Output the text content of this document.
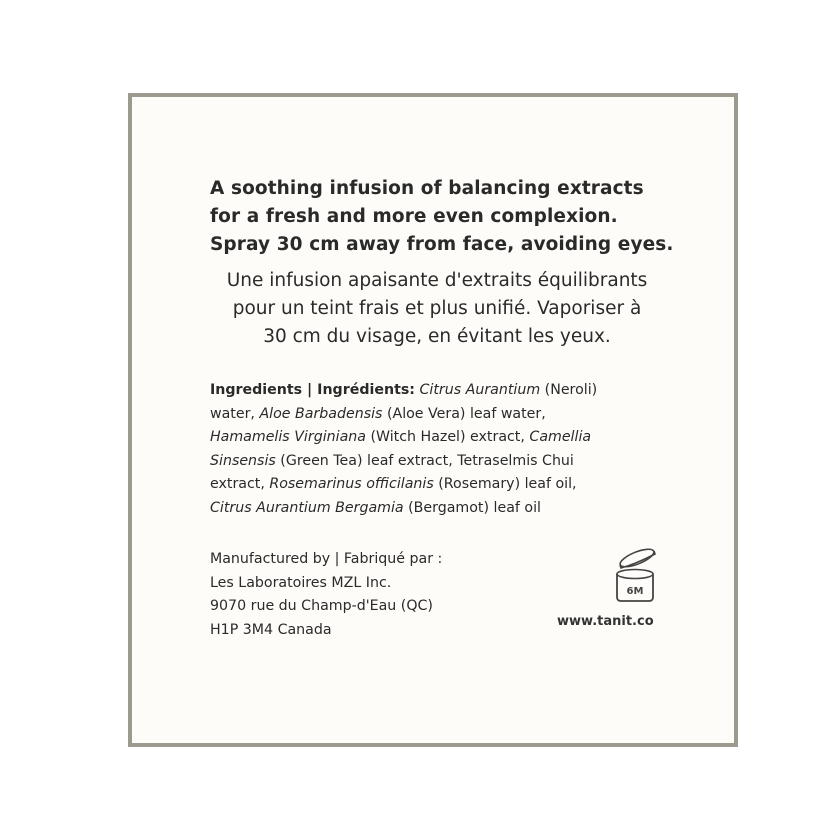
A soothing infusion of balancing extracts
for a fresh and more even complexion.
Spray 30 cm away from face, avoiding eyes.
Une infusion apaisante d'extraits équilibrants
pour un teint frais et plus unifié. Vaporiser à
30 cm du visage, en évitant les yeux.
Ingredients | Ingrédients: Citrus Aurantium (Neroli)
water, Aloe Barbadensis (Aloe Vera) leaf water,
Hamamelis Virginiana (Witch Hazel) extract, Camellia
Sinsensis (Green Tea) leaf extract, Tetraselmis Chui
extract, Rosemarinus officilanis (Rosemary) leaf oil,
Citrus Aurantium Bergamia (Bergamot) leaf oil
Manufactured by | Fabriqué par :
Les Laboratoires MZL Inc.
9070 rue du Champ-d'Eau (QC)
H1P 3M4 Canada
6M
www.tanit.co
